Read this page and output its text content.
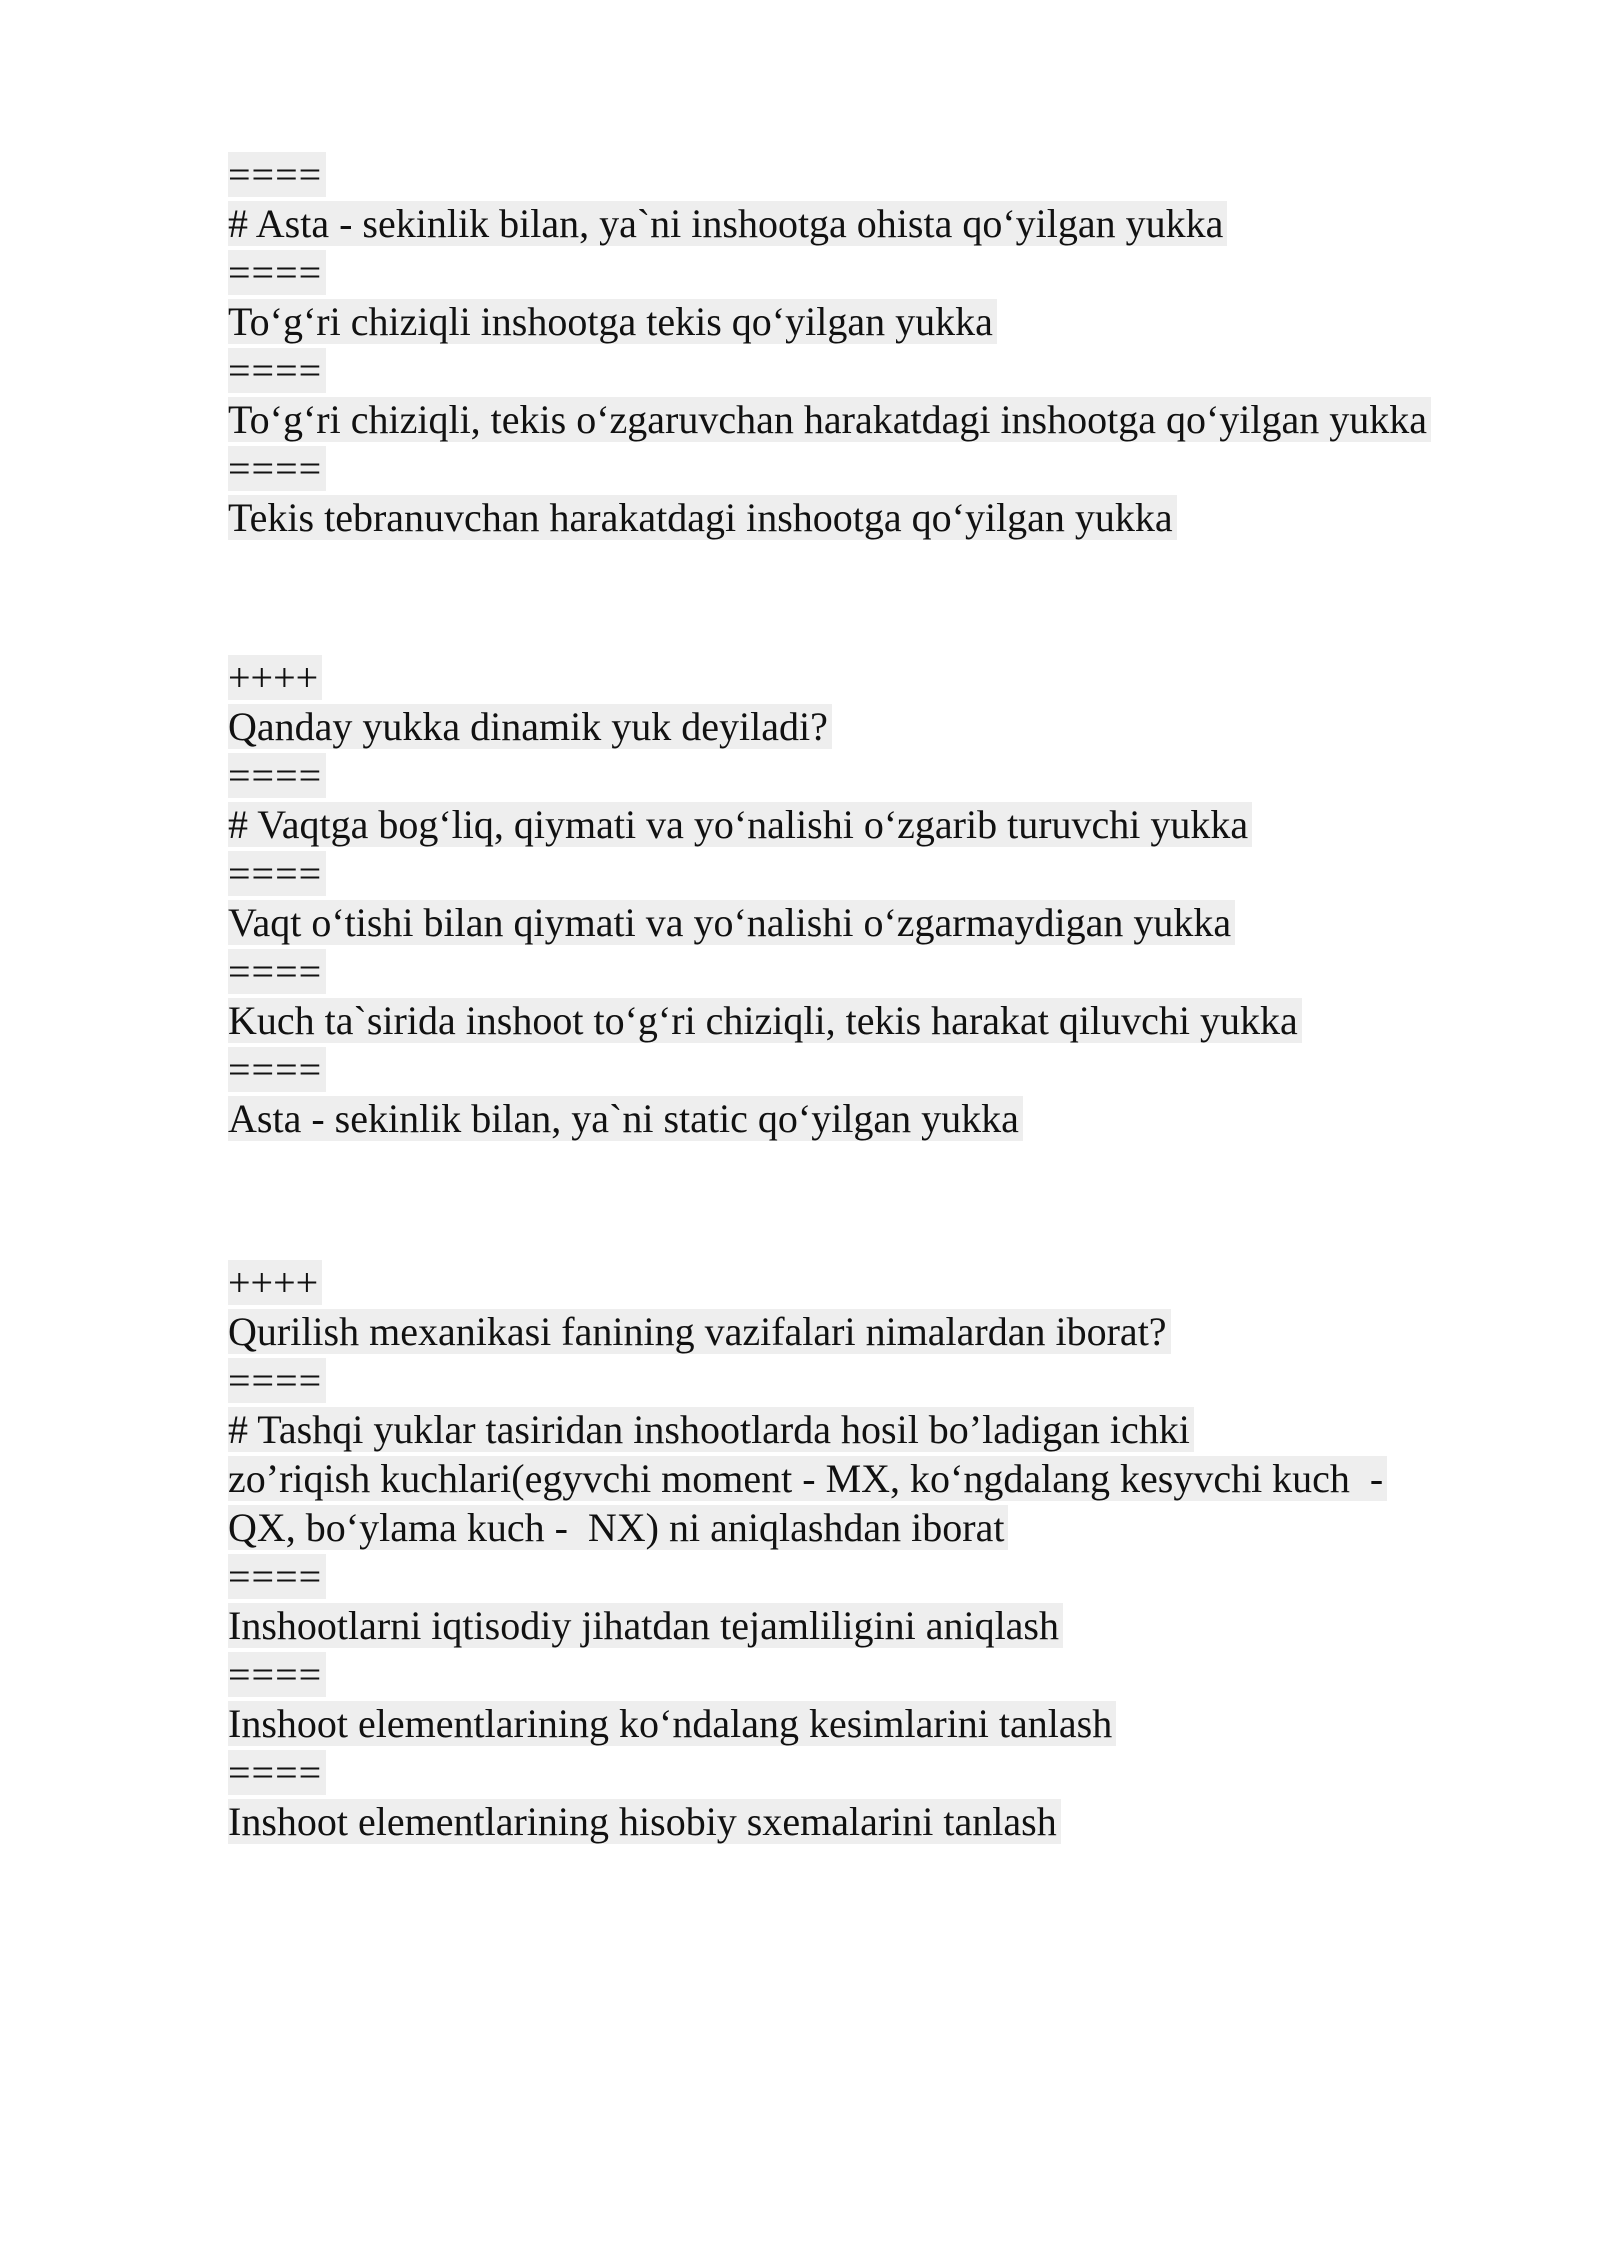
====
# Asta - sekinlik bilan, ya`ni inshootga ohista qo‘yilgan yukka
====
To‘g‘ri chiziqli inshootga tekis qo‘yilgan yukka
====
To‘g‘ri chiziqli, tekis o‘zgaruvchan harakatdagi inshootga qo‘yilgan yukka
====
Tekis tebranuvchan harakatdagi inshootga qo‘yilgan yukka
++++
Qanday yukka dinamik yuk deyiladi?
====
# Vaqtga bog‘liq, qiymati va yo‘nalishi o‘zgarib turuvchi yukka
====
Vaqt o‘tishi bilan qiymati va yo‘nalishi o‘zgarmaydigan yukka
====
Kuch ta`sirida inshoot to‘g‘ri chiziqli, tekis harakat qiluvchi yukka
====
Asta - sekinlik bilan, ya`ni static qo‘yilgan yukka
++++
Qurilish mexanikasi fanining vazifalari nimalardan iborat?
====
# Tashqi yuklar tasiridan inshootlarda hosil bo’ladigan ichki
zo’riqish kuchlari(egyvchi moment - MX, ko‘ngdalang kesyvchi kuch  -
QX, bo‘ylama kuch -  NX) ni aniqlashdan iborat
====
Inshootlarni iqtisodiy jihatdan tejamliligini aniqlash
====
Inshoot elementlarining ko‘ndalang kesimlarini tanlash
====
Inshoot elementlarining hisobiy sxemalarini tanlash
